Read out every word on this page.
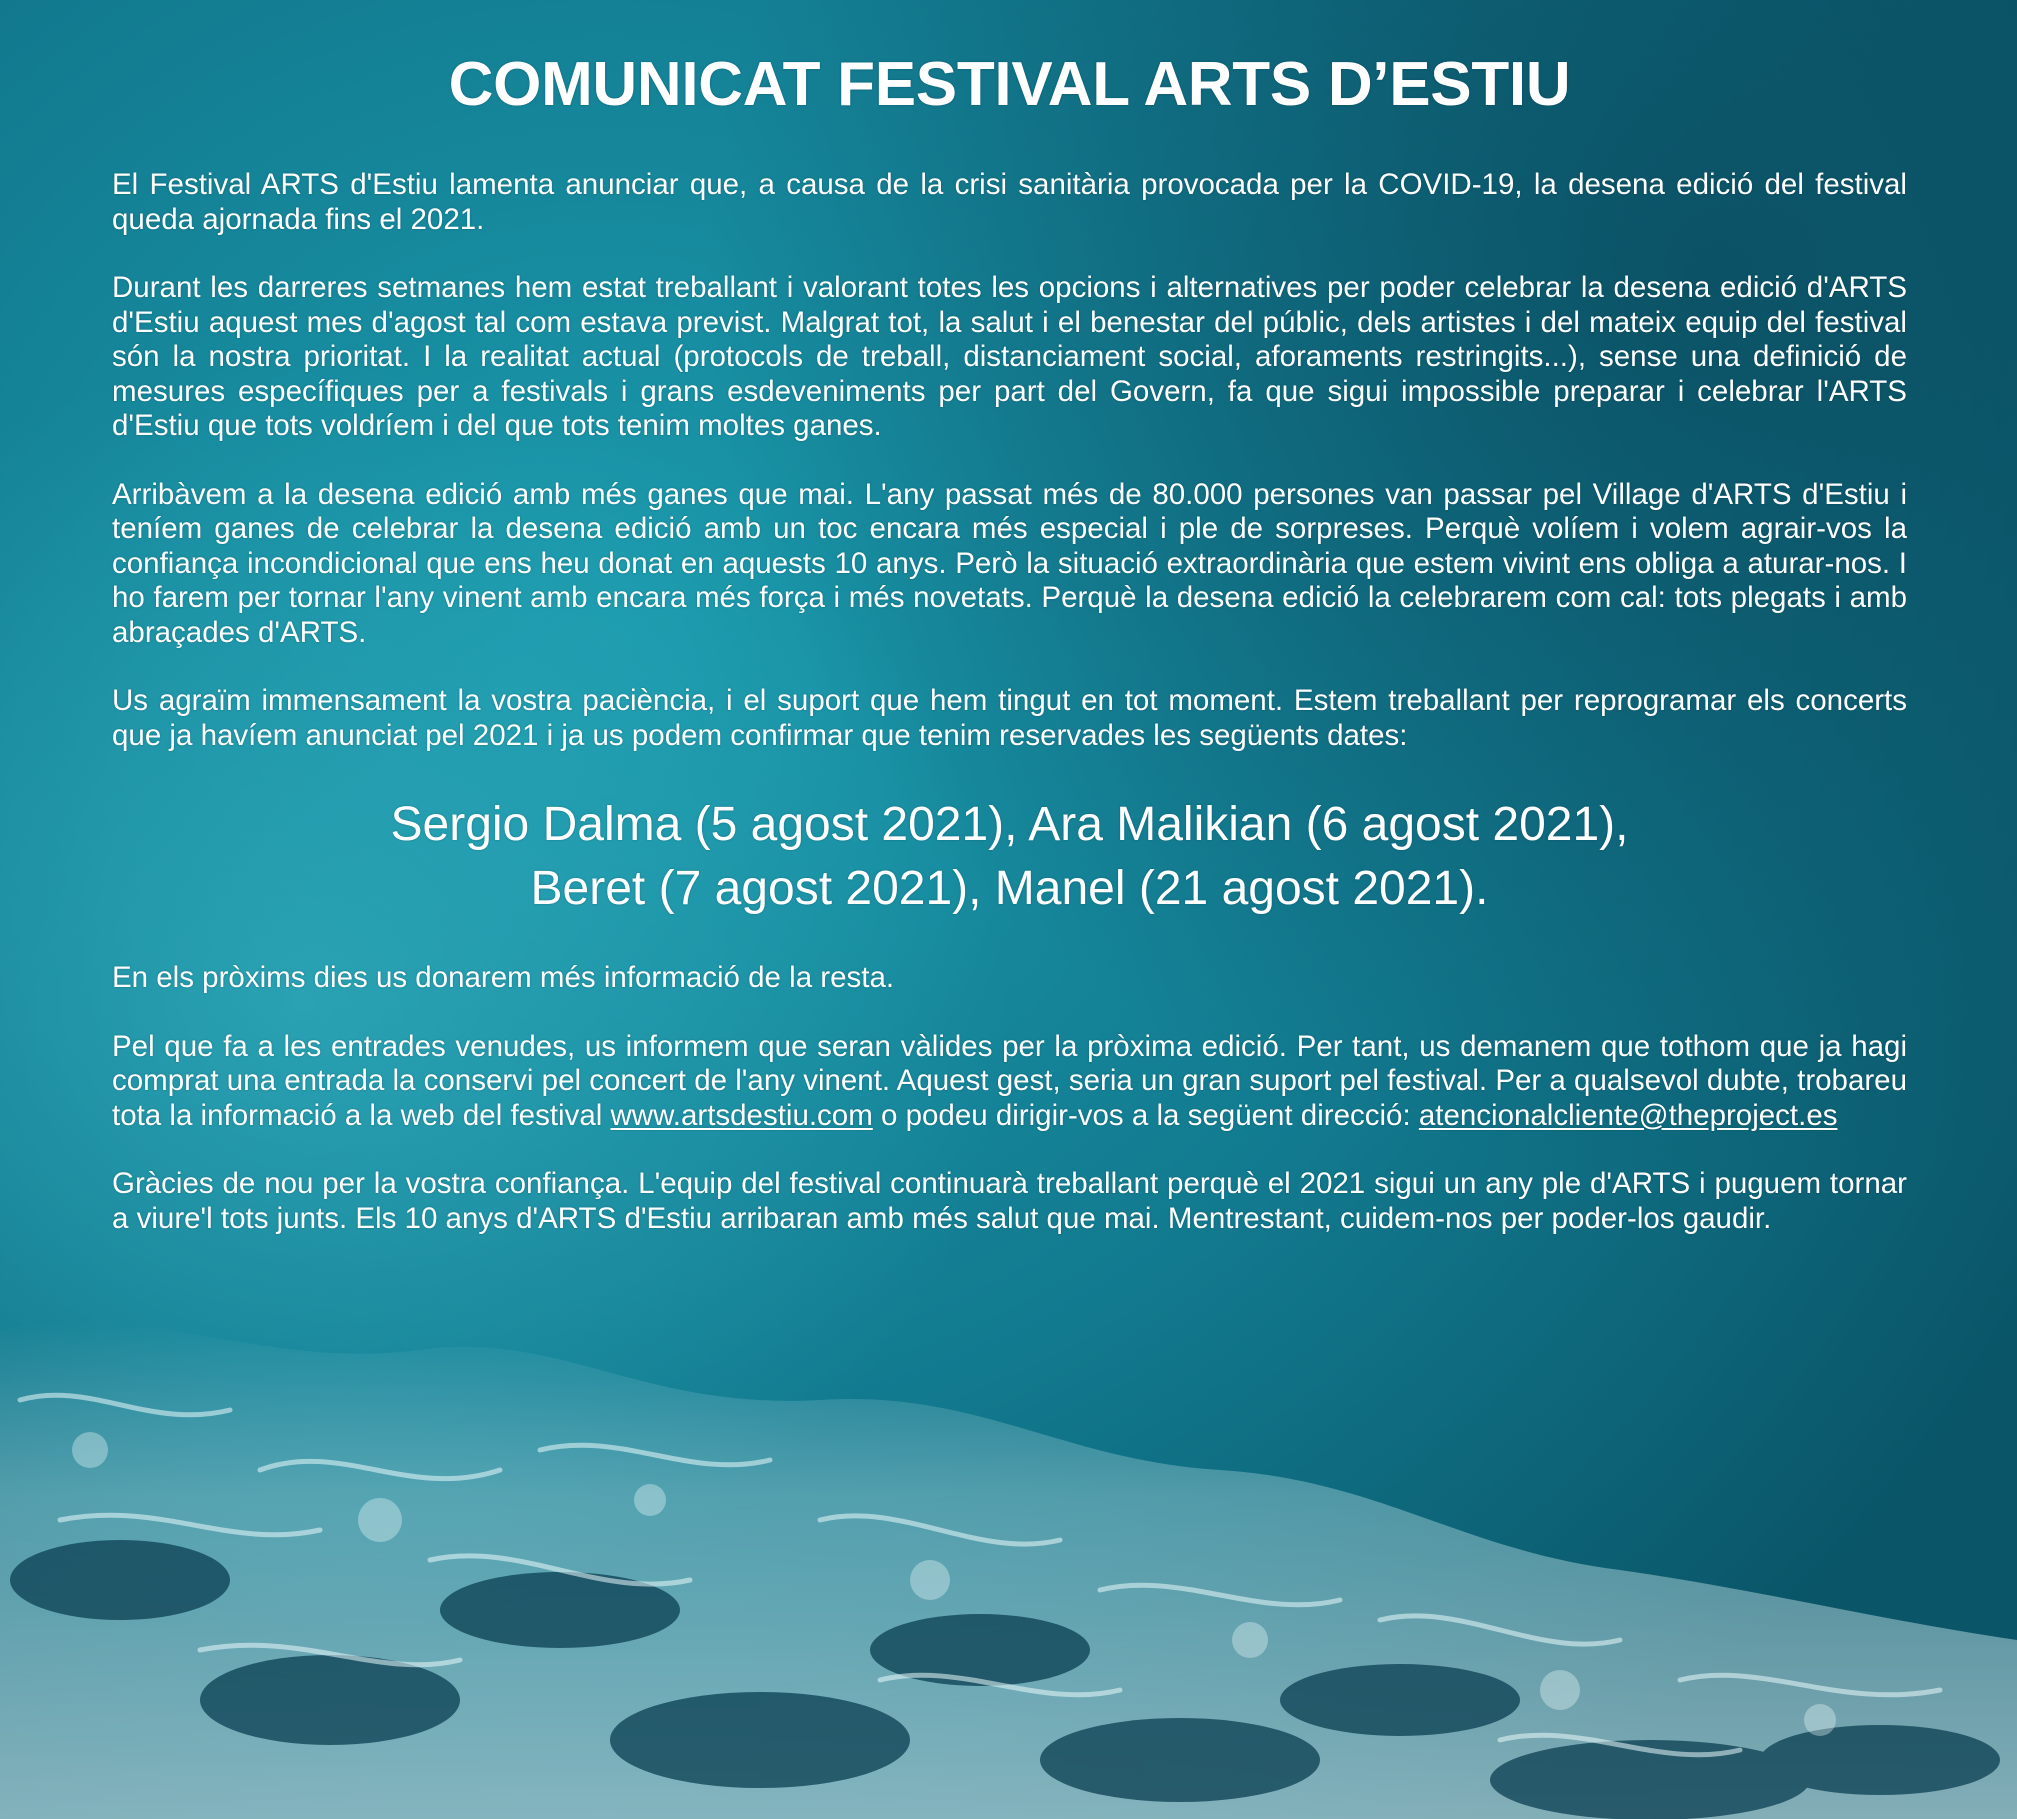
COMUNICAT FESTIVAL ARTS D’ESTIU

El Festival ARTS d'Estiu lamenta anunciar que, a causa de la crisi sanitària provocada per la COVID-19, la desena edició del festival queda ajornada fins el 2021.

Durant les darreres setmanes hem estat treballant i valorant totes les opcions i alternatives per poder celebrar la desena edició d'ARTS d'Estiu aquest mes d'agost tal com estava previst. Malgrat tot, la salut i el benestar del públic, dels artistes i del mateix equip del festival són la nostra prioritat. I la realitat actual (protocols de treball, distanciament social, aforaments restringits...), sense una definició de mesures específiques per a festivals i grans esdeveniments per part del Govern, fa que sigui impossible preparar i celebrar l'ARTS d'Estiu que tots voldríem i del que tots tenim moltes ganes.

Arribàvem a la desena edició amb més ganes que mai. L'any passat més de 80.000 persones van passar pel Village d'ARTS d'Estiu i teníem ganes de celebrar la desena edició amb un toc encara més especial i ple de sorpreses. Perquè volíem i volem agrair-vos la confiança incondicional que ens heu donat en aquests 10 anys. Però la situació extraordinària que estem vivint ens obliga a aturar-nos. I ho farem per tornar l'any vinent amb encara més força i més novetats. Perquè la desena edició la celebrarem com cal: tots plegats i amb abraçades d'ARTS.

Us agraïm immensament la vostra paciència, i el suport que hem tingut en tot moment. Estem treballant per reprogramar els concerts que ja havíem anunciat pel 2021 i ja us podem confirmar que tenim reservades les següents dates:

Sergio Dalma (5 agost 2021), Ara Malikian (6 agost 2021),
Beret (7 agost 2021), Manel (21 agost 2021).

En els pròxims dies us donarem més informació de la resta.

Pel que fa a les entrades venudes, us informem que seran vàlides per la pròxima edició. Per tant, us demanem que tothom que ja hagi comprat una entrada la conservi pel concert de l'any vinent. Aquest gest, seria un gran suport pel festival. Per a qualsevol dubte, trobareu tota la informació a la web del festival www.artsdestiu.com o podeu dirigir-vos a la següent direcció: atencionalcliente@theproject.es

Gràcies de nou per la vostra confiança. L'equip del festival continuarà treballant perquè el 2021 sigui un any ple d'ARTS i puguem tornar a viure'l tots junts. Els 10 anys d'ARTS d'Estiu arribaran amb més salut que mai. Mentrestant, cuidem-nos per poder-los gaudir.
